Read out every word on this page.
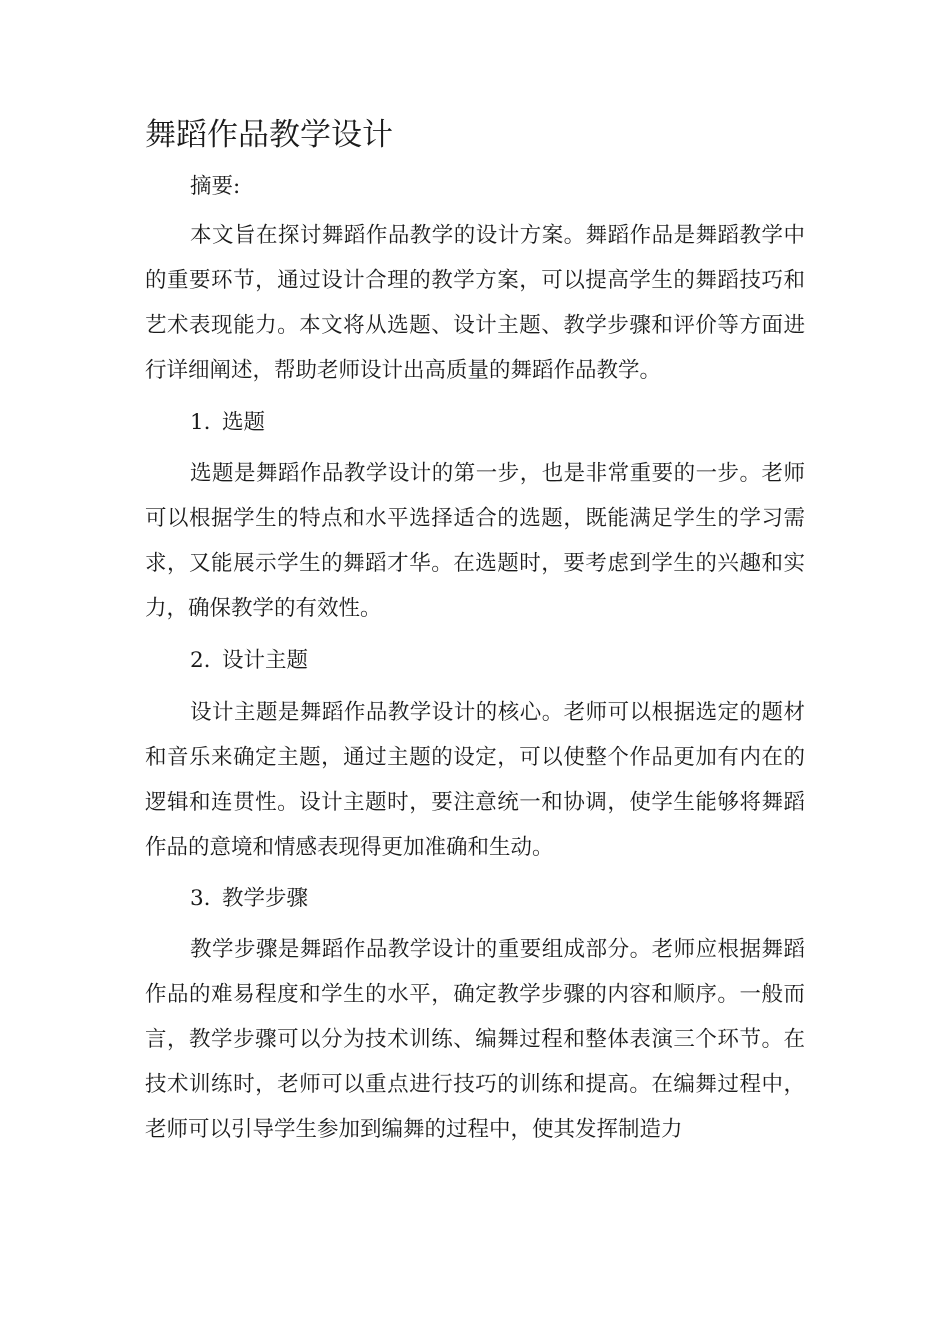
舞蹈作品教学设计

摘要:

本文旨在探讨舞蹈作品教学的设计方案。舞蹈作品是舞蹈教学中的重要环节，通过设计合理的教学方案，可以提高学生的舞蹈技巧和艺术表现能力。本文将从选题、设计主题、教学步骤和评价等方面进行详细阐述，帮助老师设计出高质量的舞蹈作品教学。

1. 选题

选题是舞蹈作品教学设计的第一步，也是非常重要的一步。老师可以根据学生的特点和水平选择适合的选题，既能满足学生的学习需求，又能展示学生的舞蹈才华。在选题时，要考虑到学生的兴趣和实力，确保教学的有效性。

2. 设计主题

设计主题是舞蹈作品教学设计的核心。老师可以根据选定的题材和音乐来确定主题，通过主题的设定，可以使整个作品更加有内在的逻辑和连贯性。设计主题时，要注意统一和协调，使学生能够将舞蹈作品的意境和情感表现得更加准确和生动。

3. 教学步骤

教学步骤是舞蹈作品教学设计的重要组成部分。老师应根据舞蹈作品的难易程度和学生的水平，确定教学步骤的内容和顺序。一般而言，教学步骤可以分为技术训练、编舞过程和整体表演三个环节。在技术训练时，老师可以重点进行技巧的训练和提高。在编舞过程中，老师可以引导学生参加到编舞的过程中，使其发挥制造力
